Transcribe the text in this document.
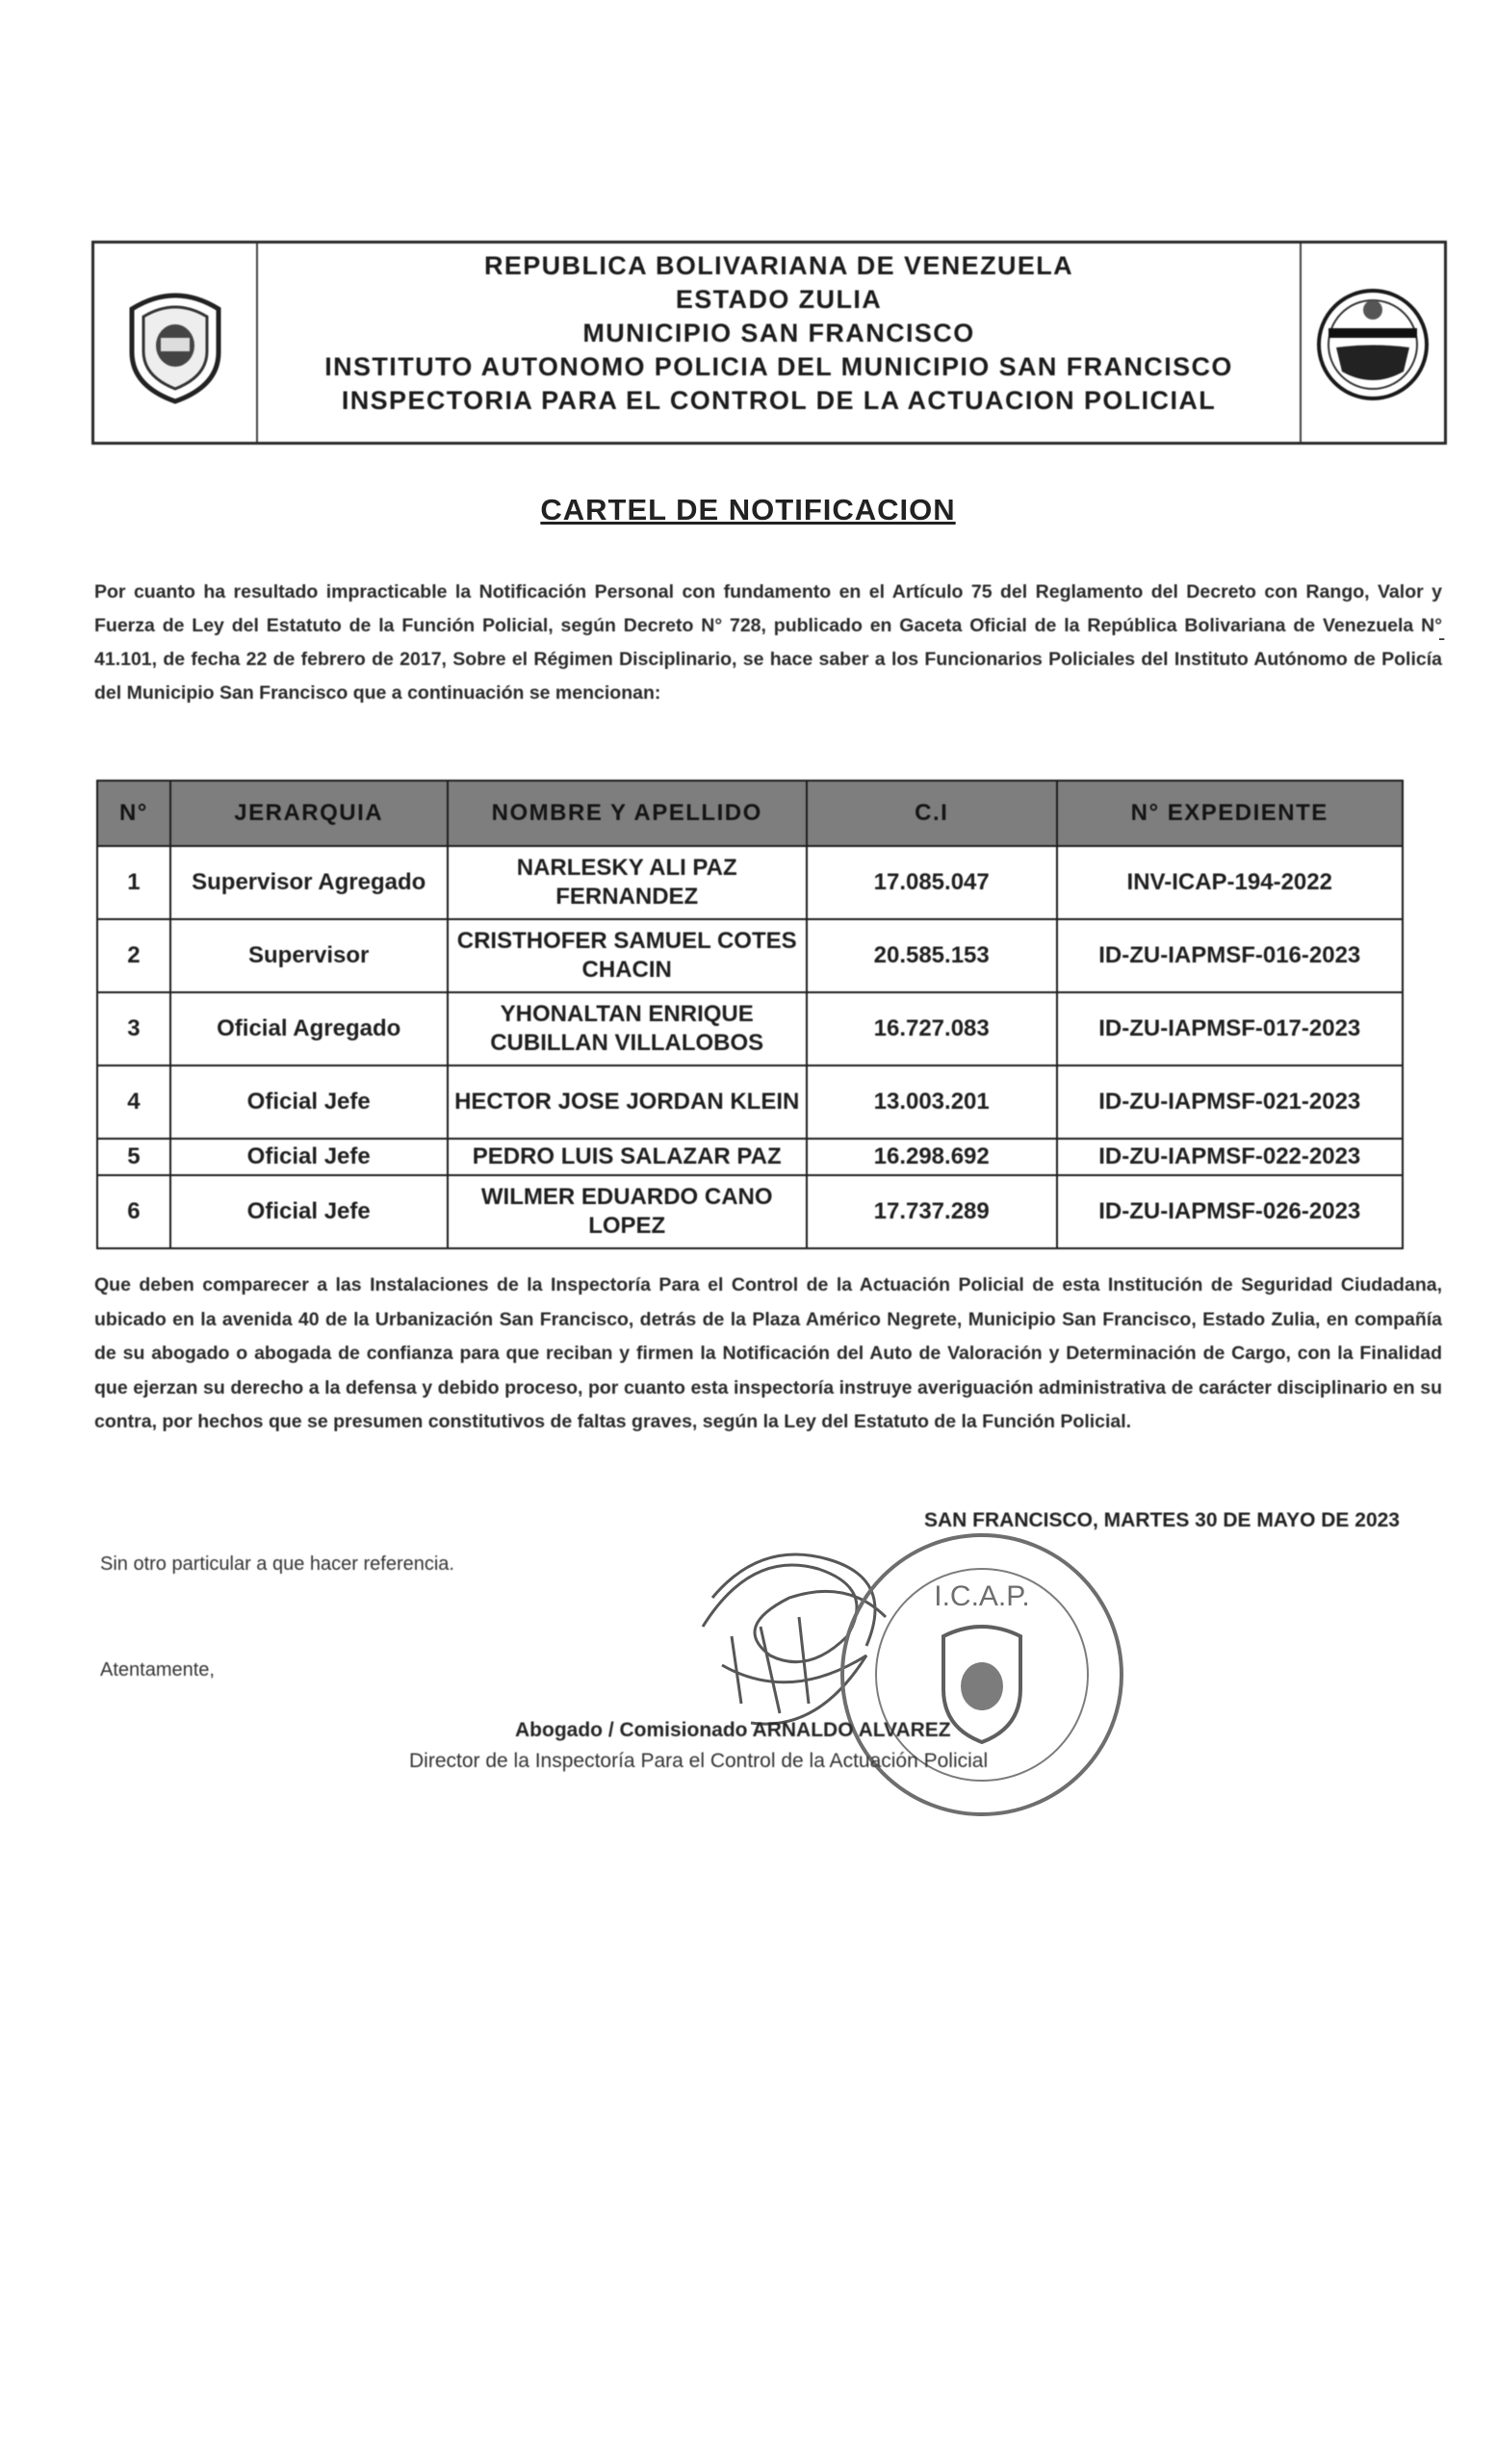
REPUBLICA BOLIVARIANA DE VENEZUELA
ESTADO ZULIA
MUNICIPIO SAN FRANCISCO
INSTITUTO AUTONOMO POLICIA DEL MUNICIPIO SAN FRANCISCO
INSPECTORIA PARA EL CONTROL DE LA ACTUACION POLICIAL
CARTEL DE NOTIFICACION
-
Por cuanto ha resultado impracticable la Notificación Personal con fundamento en el Artículo 75 del Reglamento del Decreto con Rango, Valor y Fuerza de Ley del Estatuto de la Función Policial, según Decreto N° 728, publicado en Gaceta Oficial de la República Bolivariana de Venezuela N° 41.101, de fecha 22 de febrero de 2017, Sobre el Régimen Disciplinario, se hace saber a los Funcionarios Policiales del Instituto Autónomo de Policía del Municipio San Francisco que a continuación se mencionan:
N°	JERARQUIA	NOMBRE Y APELLIDO	C.I	N° EXPEDIENTE
1	Supervisor Agregado	NARLESKY ALI PAZ FERNANDEZ	17.085.047	INV-ICAP-194-2022
2	Supervisor	CRISTHOFER SAMUEL COTES CHACIN	20.585.153	ID-ZU-IAPMSF-016-2023
3	Oficial Agregado	YHONALTAN ENRIQUE CUBILLAN VILLALOBOS	16.727.083	ID-ZU-IAPMSF-017-2023
4	Oficial Jefe	HECTOR JOSE JORDAN KLEIN	13.003.201	ID-ZU-IAPMSF-021-2023
5	Oficial Jefe	PEDRO LUIS SALAZAR PAZ	16.298.692	ID-ZU-IAPMSF-022-2023
6	Oficial Jefe	WILMER EDUARDO CANO LOPEZ	17.737.289	ID-ZU-IAPMSF-026-2023
Que deben comparecer a las Instalaciones de la Inspectoría Para el Control de la Actuación Policial de esta Institución de Seguridad Ciudadana, ubicado en la avenida 40 de la Urbanización San Francisco, detrás de la Plaza Américo Negrete, Municipio San Francisco, Estado Zulia, en compañía de su abogado o abogada de confianza para que reciban y firmen la Notificación del Auto de Valoración y Determinación de Cargo, con la Finalidad que ejerzan su derecho a la defensa y debido proceso, por cuanto esta inspectoría instruye averiguación administrativa de carácter disciplinario en su contra, por hechos que se presumen constitutivos de faltas graves, según la Ley del Estatuto de la Función Policial.
SAN FRANCISCO, MARTES 30 DE MAYO DE 2023
Sin otro particular a que hacer referencia.
Atentamente,
I.C.A.P.
Abogado / Comisionado ARNALDO ALVAREZ
Director de la Inspectoría Para el Control de la Actuación Policial
